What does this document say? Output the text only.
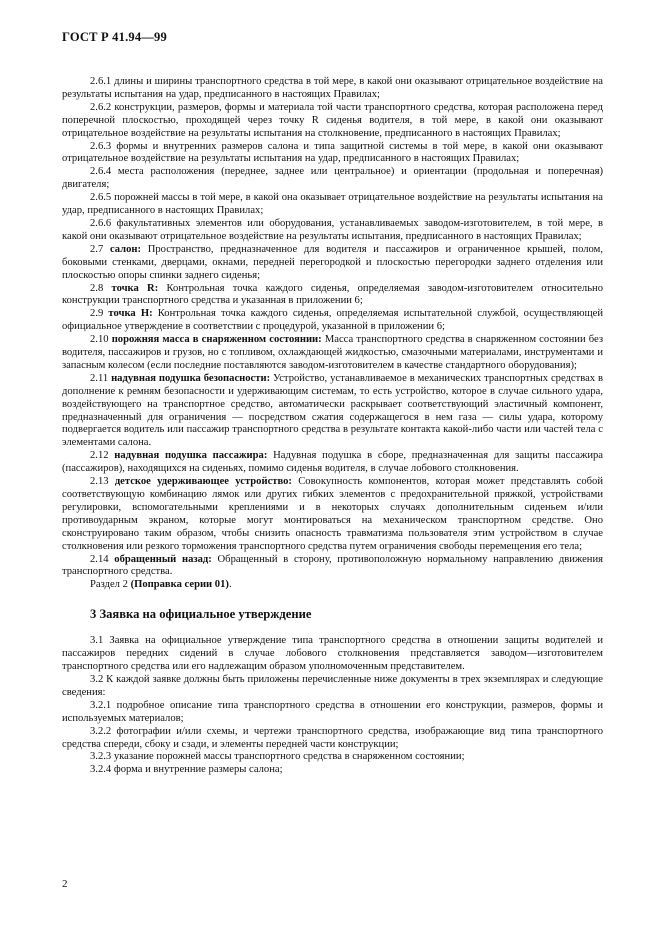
ГОСТ Р 41.94—99

2.6.1 длины и ширины транспортного средства в той мере, в какой они оказывают отрицательное воздействие на результаты испытания на удар, предписанного в настоящих Правилах;

2.6.2 конструкции, размеров, формы и материала той части транспортного средства, которая расположена перед поперечной плоскостью, проходящей через точку R сиденья водителя, в той мере, в какой они оказывают отрицательное воздействие на результаты испытания на столкновение, предписанного в настоящих Правилах;

2.6.3 формы и внутренних размеров салона и типа защитной системы в той мере, в какой они оказывают отрицательное воздействие на результаты испытания на удар, предписанного в настоящих Правилах;

2.6.4 места расположения (переднее, заднее или центральное) и ориентации (продольная и поперечная) двигателя;

2.6.5 порожней массы в той мере, в какой она оказывает отрицательное воздействие на результаты испытания на удар, предписанного в настоящих Правилах;

2.6.6 факультативных элементов или оборудования, устанавливаемых заводом-изготовителем, в той мере, в какой они оказывают отрицательное воздействие на результаты испытания, предписанного в настоящих Правилах;

2.7 салон: Пространство, предназначенное для водителя и пассажиров и ограниченное крышей, полом, боковыми стенками, дверцами, окнами, передней перегородкой и плоскостью перегородки заднего отделения или плоскостью опоры спинки заднего сиденья;

2.8 точка R: Контрольная точка каждого сиденья, определяемая заводом-изготовителем относительно конструкции транспортного средства и указанная в приложении 6;

2.9 точка H: Контрольная точка каждого сиденья, определяемая испытательной службой, осуществляющей официальное утверждение в соответствии с процедурой, указанной в приложении 6;

2.10 порожняя масса в снаряженном состоянии: Масса транспортного средства в снаряженном состоянии без водителя, пассажиров и грузов, но с топливом, охлаждающей жидкостью, смазочными материалами, инструментами и запасным колесом (если последние поставляются заводом-изготовителем в качестве стандартного оборудования);

2.11 надувная подушка безопасности: Устройство, устанавливаемое в механических транспортных средствах в дополнение к ремням безопасности и удерживающим системам, то есть устройство, которое в случае сильного удара, воздействующего на транспортное средство, автоматически раскрывает соответствующий эластичный компонент, предназначенный для ограничения — посредством сжатия содержащегося в нем газа — силы удара, которому подвергается водитель или пассажир транспортного средства в результате контакта какой-либо части или частей тела с элементами салона.

2.12 надувная подушка пассажира: Надувная подушка в сборе, предназначенная для защиты пассажира (пассажиров), находящихся на сиденьях, помимо сиденья водителя, в случае лобового столкновения.

2.13 детское удерживающее устройство: Совокупность компонентов, которая может представлять собой соответствующую комбинацию лямок или других гибких элементов с предохранительной пряжкой, устройствами регулировки, вспомогательными креплениями и в некоторых случаях дополнительным сиденьем и/или противоударным экраном, которые могут монтироваться на механическом транспортном средстве. Оно сконструировано таким образом, чтобы снизить опасность травматизма пользователя этим устройством в случае столкновения или резкого торможения транспортного средства путем ограничения свободы перемещения его тела;

2.14 обращенный назад: Обращенный в сторону, противоположную нормальному направлению движения транспортного средства.

Раздел 2 (Поправка серии 01).

3 Заявка на официальное утверждение

3.1 Заявка на официальное утверждение типа транспортного средства в отношении защиты водителей и пассажиров передних сидений в случае лобового столкновения представляется заводом—изготовителем транспортного средства или его надлежащим образом уполномоченным представителем.

3.2 К каждой заявке должны быть приложены перечисленные ниже документы в трех экземплярах и следующие сведения:

3.2.1 подробное описание типа транспортного средства в отношении его конструкции, размеров, формы и используемых материалов;

3.2.2 фотографии и/или схемы, и чертежи транспортного средства, изображающие вид типа транспортного средства спереди, сбоку и сзади, и элементы передней части конструкции;

3.2.3 указание порожней массы транспортного средства в снаряженном состоянии;

3.2.4 форма и внутренние размеры салона;

2
